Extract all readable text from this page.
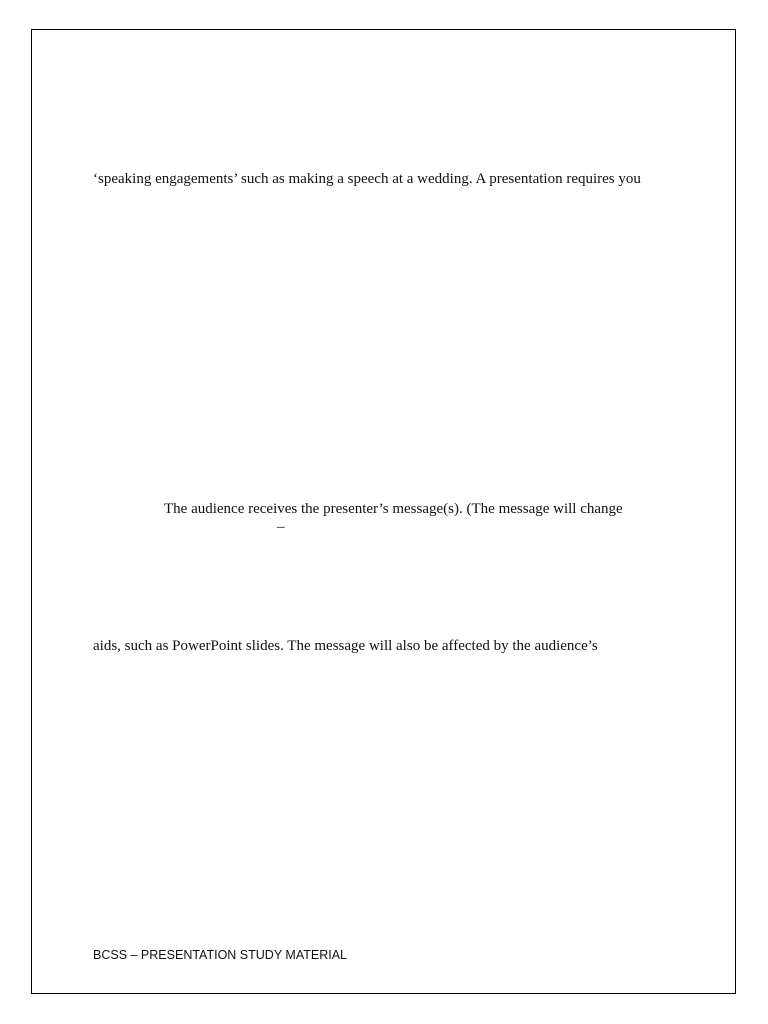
‘speaking engagements’ such as making a speech at a wedding. A presentation requires you
The audience receives the presenter’s message(s). (The message will change
–
aids, such as PowerPoint slides. The message will also be affected by the audience’s
BCSS – PRESENTATION STUDY MATERIAL
